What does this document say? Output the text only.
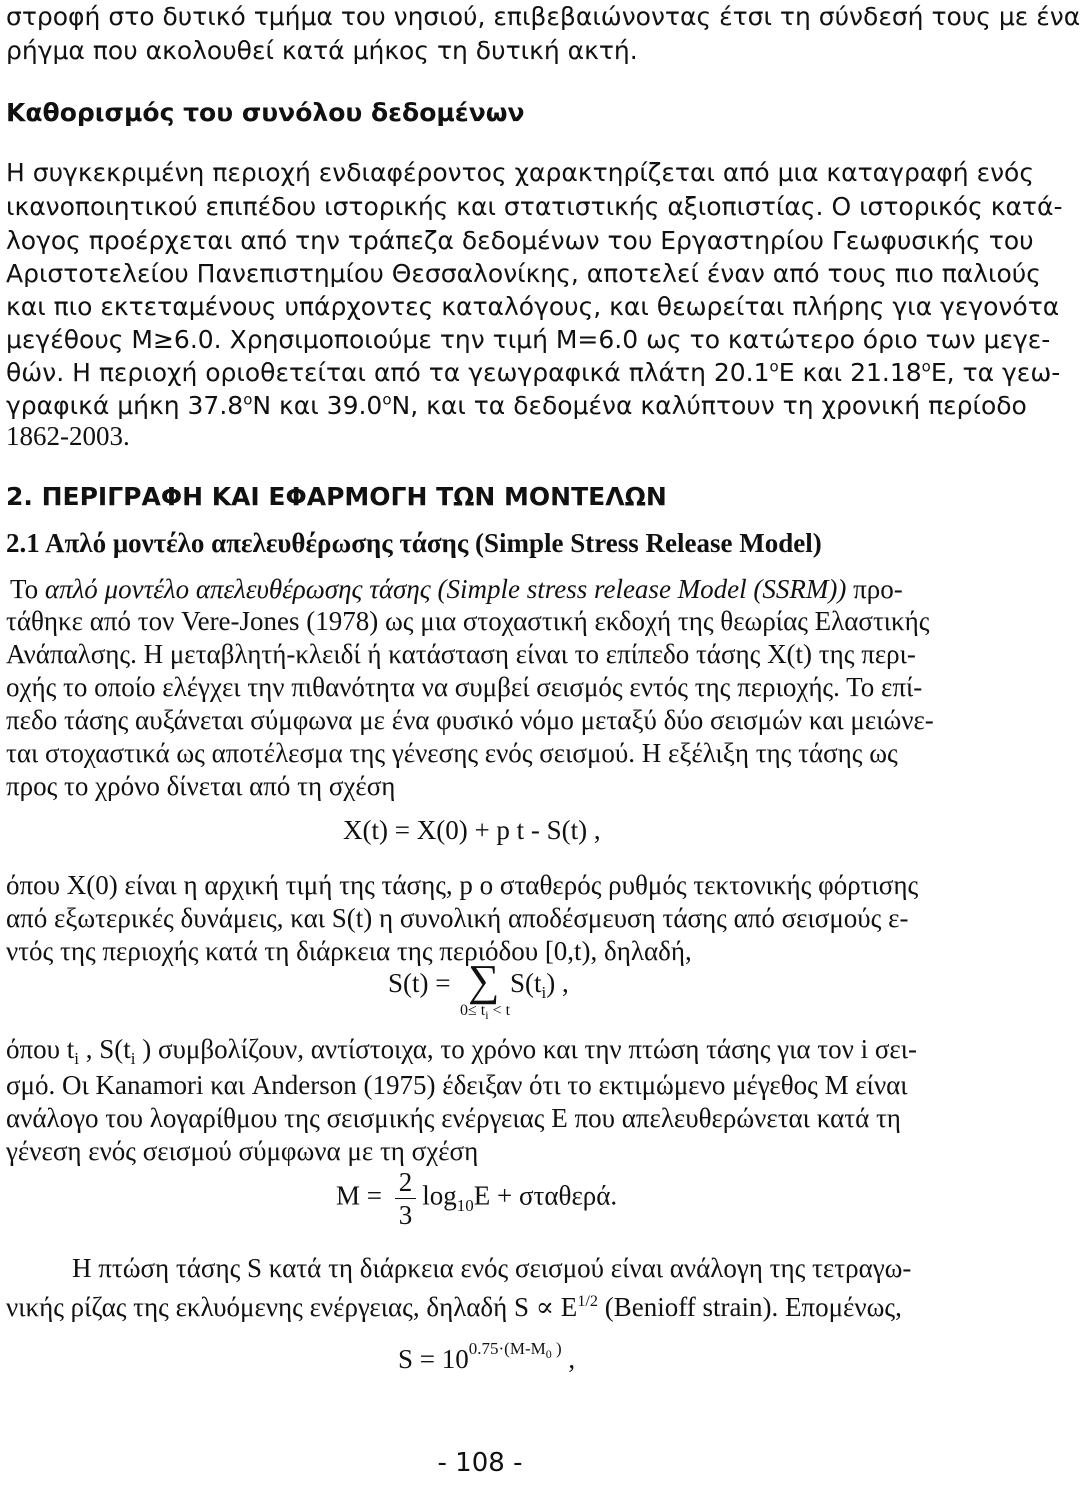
στροφή στο δυτικό τμήμα του νησιού, επιβεβαιώνοντας έτσι τη σύνδεσή τους με ένα

ρήγμα που ακολουθεί κατά μήκος τη δυτική ακτή.

Καθορισμός του συνόλου δεδομένων

Η συγκεκριμένη περιοχή ενδιαφέροντος χαρακτηρίζεται από μια καταγραφή ενός

ικανοποιητικού επιπέδου ιστορικής και στατιστικής αξιοπιστίας. Ο ιστορικός κατά-

λογος προέρχεται από την τράπεζα δεδομένων του Εργαστηρίου Γεωφυσικής του

Αριστοτελείου Πανεπιστημίου Θεσσαλονίκης, αποτελεί έναν από τους πιο παλιούς

και πιο εκτεταμένους υπάρχοντες καταλόγους, και θεωρείται πλήρης για γεγονότα

μεγέθους M≥6.0. Χρησιμοποιούμε την τιμή M=6.0 ως το κατώτερο όριο των μεγε-

θών. Η περιοχή οριοθετείται από τα γεωγραφικά πλάτη 20.1$^o$E και 21.18$^o$E, τα γεω-

γραφικά μήκη 37.8$^o$N και 39.0$^o$N, και τα δεδομένα καλύπτουν τη χρονική περίοδο

1862-2003.

2. ΠΕΡΙΓΡΑΦΗ ΚΑΙ ΕΦΑΡΜΟΓΗ ΤΩΝ ΜΟΝΤΕΛΩΝ

2.1 Απλό μοντέλο απελευθέρωσης τάσης (Simple Stress Release Model)

Το απλό μοντέλο απελευθέρωσης τάσης (Simple stress release Model (SSRM)) προ-

τάθηκε από τον Vere-Jones (1978) ως μια στοχαστική εκδοχή της θεωρίας Ελαστικής

Ανάπαλσης. Η μεταβλητή-κλειδί ή κατάσταση είναι το επίπεδο τάσης X(t) της περι-

οχής το οποίο ελέγχει την πιθανότητα να συμβεί σεισμός εντός της περιοχής. Το επί-

πεδο τάσης αυξάνεται σύμφωνα με ένα φυσικό νόμο μεταξύ δύο σεισμών και μειώνε-

ται στοχαστικά ως αποτέλεσμα της γένεσης ενός σεισμού. Η εξέλιξη της τάσης ως

προς το χρόνο δίνεται από τη σχέση

X(t) = X(0) + p t - S(t) ,

όπου X(0) είναι η αρχική τιμή της τάσης, p ο σταθερός ρυθμός τεκτονικής φόρτισης

από εξωτερικές δυνάμεις, και S(t) η συνολική αποδέσμευση τάσης από σεισμούς ε-

ντός της περιοχής κατά τη διάρκεια της περιόδου [0,t), δηλαδή,

S(t) = ∑ $S(t_i)$ ,
$0\le t_i < t$

όπου $t_i$ , $S(t_i$ ) συμβολίζουν, αντίστοιχα, το χρόνο και την πτώση τάσης για τον i σει-

σμό. Οι Kanamori και Anderson (1975) έδειξαν ότι το εκτιμώμενο μέγεθος M είναι

ανάλογο του λογαρίθμου της σεισμικής ενέργειας E που απελευθερώνεται κατά τη

γένεση ενός σεισμού σύμφωνα με τη σχέση

$M = \frac{2}{3} \log_{10}E + \sigma\tau\alpha\theta\varepsilon\rho ά$.

Η πτώση τάσης S κατά τη διάρκεια ενός σεισμού είναι ανάλογη της τετραγω-

νικής ρίζας της εκλυόμενης ενέργειας, δηλαδή $S \propto E^{1/2}$ (Benioff strain). Επομένως,

$S = 10^{0.75\cdot(M-M_0 )}$ ,
- 108 -
